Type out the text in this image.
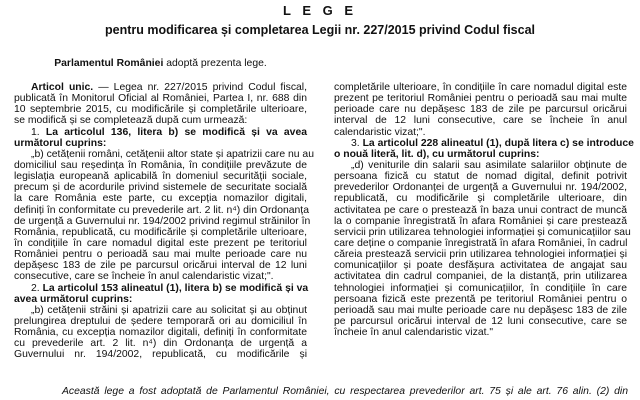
L E G E
pentru modificarea și completarea Legii nr. 227/2015 privind Codul fiscal
Parlamentul României adoptă prezenta lege.
Articol unic. — Legea nr. 227/2015 privind Codul fiscal,
publicată în Monitorul Oficial al României, Partea I, nr. 688 din
10 septembrie 2015, cu modificările și completările ulterioare,
se modifică și se completează după cum urmează:
1. La articolul 136, litera b) se modifică și va avea
următorul cuprins:
„b) cetățenii români, cetățenii altor state și apatrizii care nu au
domiciliul sau reședința în România, în condițiile prevăzute de
legislația europeană aplicabilă în domeniul securității sociale,
precum și de acordurile privind sistemele de securitate socială
la care România este parte, cu excepția nomazilor digitali,
definiți în conformitate cu prevederile art. 2 lit. n⁴) din Ordonanța
de urgență a Guvernului nr. 194/2002 privind regimul străinilor în
România, republicată, cu modificările și completările ulterioare,
în condițiile în care nomadul digital este prezent pe teritoriul
României pentru o perioadă sau mai multe perioade care nu
depășesc 183 de zile pe parcursul oricărui interval de 12 luni
consecutive, care se încheie în anul calendaristic vizat;".
2. La articolul 153 alineatul (1), litera b) se modifică și va
avea următorul cuprins:
„b) cetățenii străini și apatrizii care au solicitat și au obținut
prelungirea dreptului de ședere temporară ori au domiciliul în
România, cu excepția nomazilor digitali, definiți în conformitate
cu prevederile art. 2 lit. n⁴) din Ordonanța de urgență a
Guvernului nr. 194/2002, republicată, cu modificările și
completările ulterioare, în condițiile în care nomadul digital este
prezent pe teritoriul României pentru o perioadă sau mai multe
perioade care nu depășesc 183 de zile pe parcursul oricărui
interval de 12 luni consecutive, care se încheie în anul
calendaristic vizat;".
3. La articolul 228 alineatul (1), după litera c) se introduce
o nouă literă, lit. d), cu următorul cuprins:
„d) veniturile din salarii sau asimilate salariilor obținute de
persoana fizică cu statut de nomad digital, definit potrivit
prevederilor Ordonanței de urgență a Guvernului nr. 194/2002,
republicată, cu modificările și completările ulterioare, din
activitatea pe care o prestează în baza unui contract de muncă
la o companie înregistrată în afara României și care prestează
servicii prin utilizarea tehnologiei informației și comunicațiilor sau
care deține o companie înregistrată în afara României, în cadrul
căreia prestează servicii prin utilizarea tehnologiei informației și
comunicațiilor și poate desfășura activitatea de angajat sau
activitatea din cadrul companiei, de la distanță, prin utilizarea
tehnologiei informației și comunicațiilor, în condițiile în care
persoana fizică este prezentă pe teritoriul României pentru o
perioadă sau mai multe perioade care nu depășesc 183 de zile
pe parcursul oricărui interval de 12 luni consecutive, care se
încheie în anul calendaristic vizat."
Această lege a fost adoptată de Parlamentul României, cu respectarea prevederilor art. 75 și ale art. 76 alin. (2) din
